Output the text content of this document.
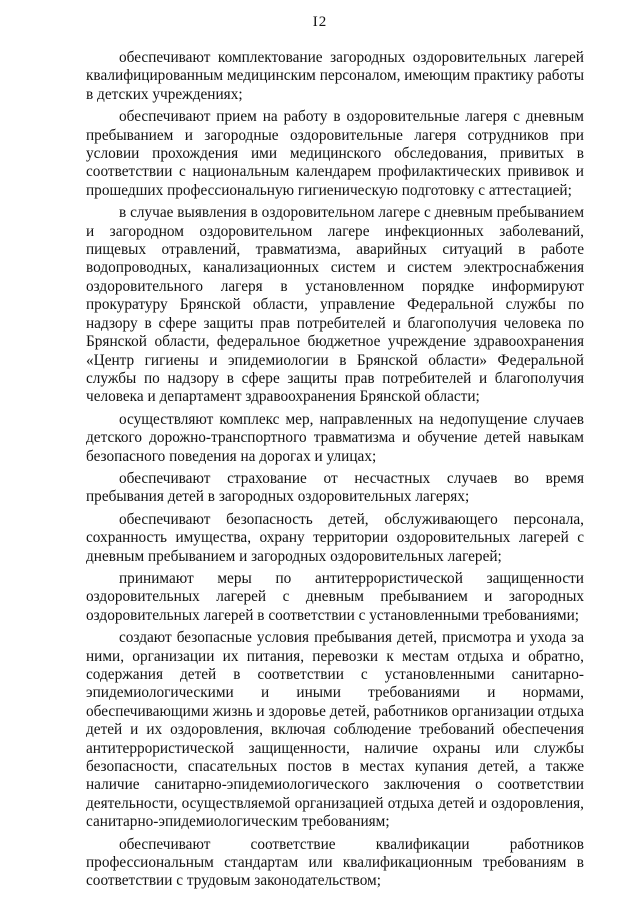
I2

обеспечивают комплектование загородных оздоровительных лагерей квалифицированным медицинским персоналом, имеющим практику работы в детских учреждениях;

обеспечивают прием на работу в оздоровительные лагеря с дневным пребыванием и загородные оздоровительные лагеря сотрудников при условии прохождения ими медицинского обследования, привитых в соответствии с национальным календарем профилактических прививок и прошедших профессиональную гигиеническую подготовку с аттестацией;

в случае выявления в оздоровительном лагере с дневным пребыванием и загородном оздоровительном лагере инфекционных заболеваний, пищевых отравлений, травматизма, аварийных ситуаций в работе водопроводных, канализационных систем и систем электроснабжения оздоровительного лагеря в установленном порядке информируют прокуратуру Брянской области, управление Федеральной службы по надзору в сфере защиты прав потребителей и благополучия человека по Брянской области, федеральное бюджетное учреждение здравоохранения «Центр гигиены и эпидемиологии в Брянской области» Федеральной службы по надзору в сфере защиты прав потребителей и благополучия человека и департамент здравоохранения Брянской области;

осуществляют комплекс мер, направленных на недопущение случаев детского дорожно-транспортного травматизма и обучение детей навыкам безопасного поведения на дорогах и улицах;

обеспечивают страхование от несчастных случаев во время пребывания детей в загородных оздоровительных лагерях;

обеспечивают безопасность детей, обслуживающего персонала, сохранность имущества, охрану территории оздоровительных лагерей с дневным пребыванием и загородных оздоровительных лагерей;

принимают меры по антитеррористической защищенности оздоровительных лагерей с дневным пребыванием и загородных оздоровительных лагерей в соответствии с установленными требованиями;

создают безопасные условия пребывания детей, присмотра и ухода за ними, организации их питания, перевозки к местам отдыха и обратно, содержания детей в соответствии с установленными санитарно-эпидемиологическими и иными требованиями и нормами, обеспечивающими жизнь и здоровье детей, работников организации отдыха детей и их оздоровления, включая соблюдение требований обеспечения антитеррористической защищенности, наличие охраны или службы безопасности, спасательных постов в местах купания детей, а также наличие санитарно-эпидемиологического заключения о соответствии деятельности, осуществляемой организацией отдыха детей и оздоровления, санитарно-эпидемиологическим требованиям;

обеспечивают соответствие квалификации работников профессиональным стандартам или квалификационным требованиям в соответствии с трудовым законодательством;
